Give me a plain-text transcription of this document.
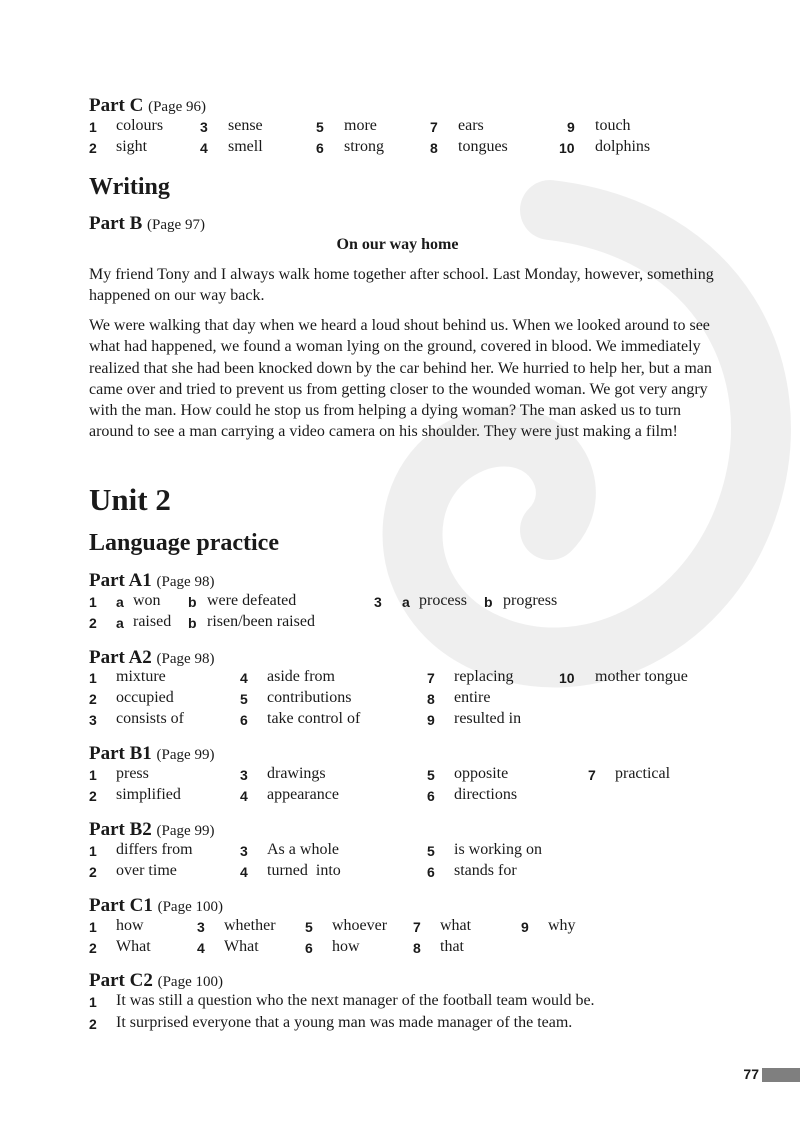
Part C (Page 96)
1 colours	3 sense	5 more	7 ears	9 touch
2 sight	4 smell	6 strong	8 tongues	10 dolphins
Writing
Part B (Page 97)
On our way home

My friend Tony and I always walk home together after school. Last Monday, however, something happened on our way back.

We were walking that day when we heard a loud shout behind us. When we looked around to see what had happened, we found a woman lying on the ground, covered in blood. We immediately realized that she had been knocked down by the car behind her. We hurried to help her, but a man came over and tried to prevent us from getting closer to the wounded woman. We got very angry with the man. How could he stop us from helping a dying woman? The man asked us to turn around to see a man carrying a video camera on his shoulder. They were just making a film!

Unit 2
Language practice
Part A1 (Page 98)
1 a won b were defeated	3 a process b progress
2 a raised b risen/been raised
Part A2 (Page 98)
1 mixture	4 aside from	7 replacing	10 mother tongue
2 occupied	5 contributions	8 entire
3 consists of	6 take control of	9 resulted in
Part B1 (Page 99)
1 press	3 drawings	5 opposite	7 practical
2 simplified	4 appearance	6 directions
Part B2 (Page 99)
1 differs from	3 As a whole	5 is working on
2 over time	4 turned  into	6 stands for
Part C1 (Page 100)
1 how	3 whether 5 whoever 7 what	9 why
2 What	4 What	6 how	8 that
Part C2 (Page 100)
1 It was still a question who the next manager of the football team would be.
2 It surprised everyone that a young man was made manager of the team.
77
